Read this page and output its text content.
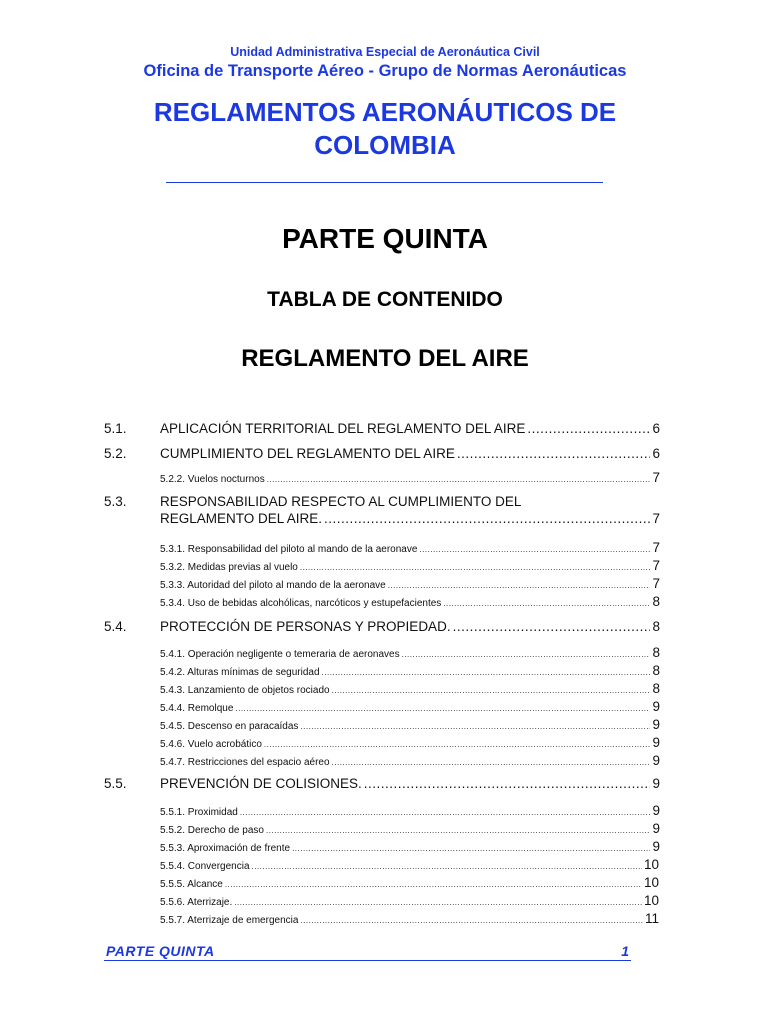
Unidad Administrativa Especial de Aeronáutica Civil
Oficina de Transporte Aéreo - Grupo de Normas Aeronáuticas
REGLAMENTOS AERONÁUTICOS DE
COLOMBIA
PARTE QUINTA
TABLA DE CONTENIDO
REGLAMENTO DEL AIRE
5.1. APLICACIÓN TERRITORIAL DEL REGLAMENTO DEL AIRE .....	6
5.2. CUMPLIMIENTO DEL REGLAMENTO DEL AIRE .....	6
5.2.2. Vuelos nocturnos .....	7
5.3. RESPONSABILIDAD RESPECTO AL CUMPLIMIENTO DEL
REGLAMENTO DEL AIRE. .....	7
5.3.1. Responsabilidad del piloto al mando de la aeronave .....	7
5.3.2. Medidas previas al vuelo .....	7
5.3.3. Autoridad del piloto al mando de la aeronave .....	7
5.3.4. Uso de bebidas alcohólicas, narcóticos y estupefacientes .....	8
5.4. PROTECCIÓN DE PERSONAS Y PROPIEDAD. .....	8
5.4.1. Operación negligente o temeraria de aeronaves .....	8
5.4.2. Alturas mínimas de seguridad .....	8
5.4.3. Lanzamiento de objetos rociado .....	8
5.4.4. Remolque .....	9
5.4.5. Descenso en paracaídas .....	9
5.4.6. Vuelo acrobático .....	9
5.4.7. Restricciones del espacio aéreo .....	9
5.5. PREVENCIÓN DE COLISIONES. .....	9
5.5.1. Proximidad .....	9
5.5.2. Derecho de paso .....	9
5.5.3. Aproximación de frente .....	9
5.5.4. Convergencia .....	10
5.5.5. Alcance .....	10
5.5.6. Aterrizaje. .....	10
5.5.7. Aterrizaje de emergencia .....	11
PARTE QUINTA	1
